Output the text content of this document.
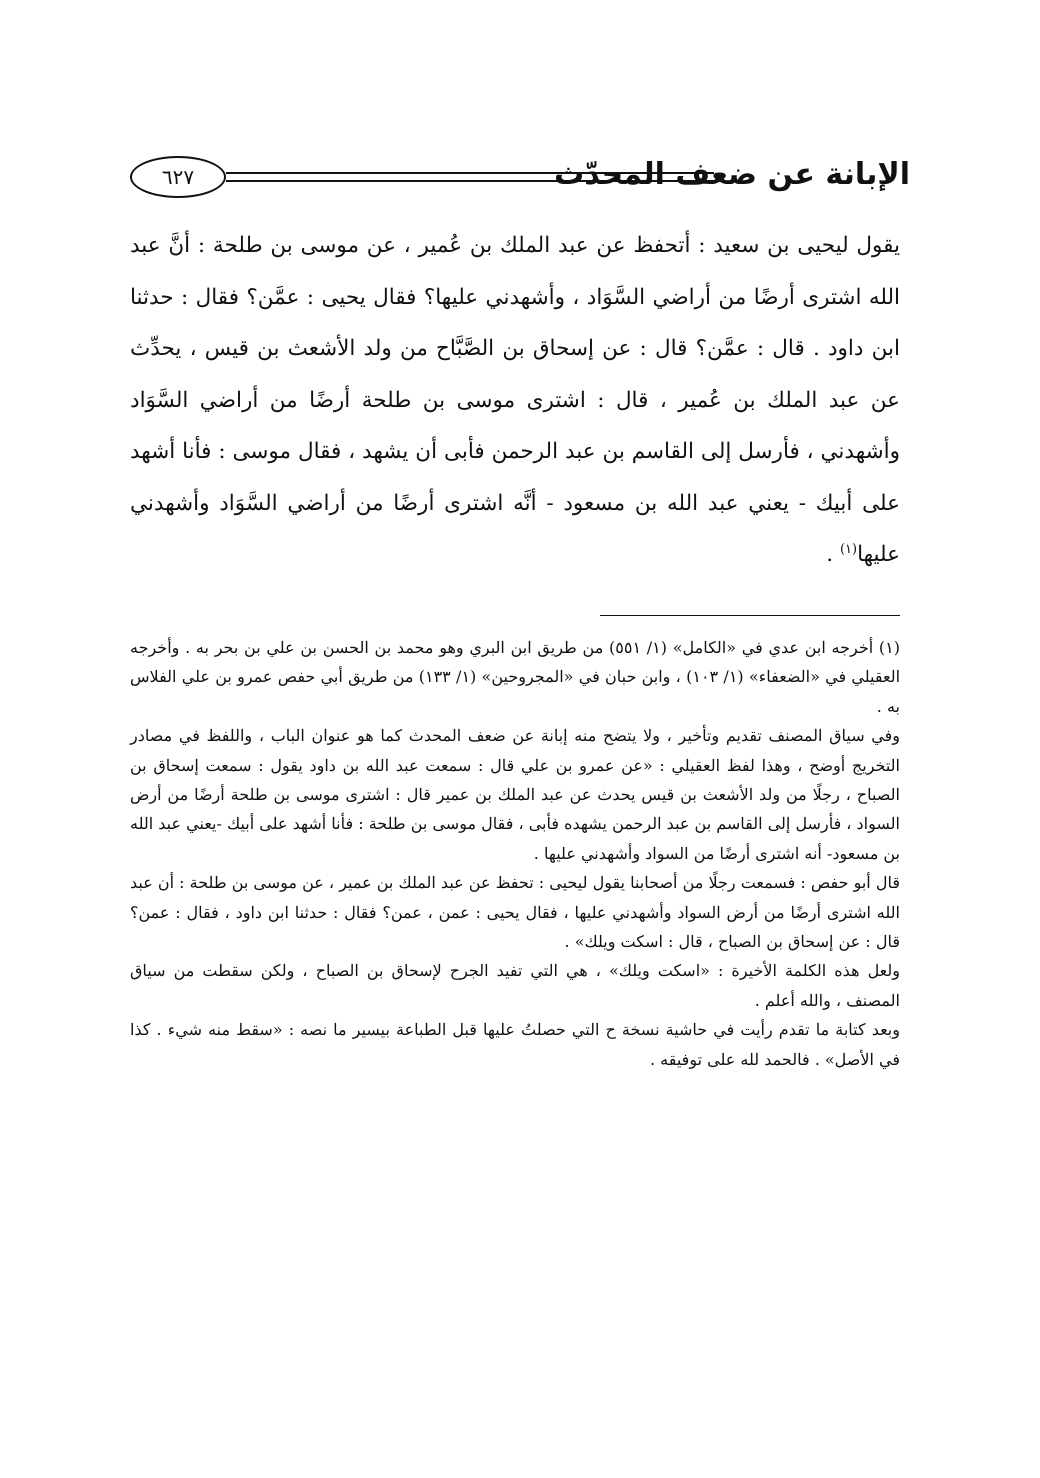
٦٢٧	الإبانة عن ضعف المحدّث

يقول ليحيى بن سعيد : أتحفظ عن عبد الملك بن عُمير ، عن موسى بن طلحة : أنَّ عبد الله اشترى أرضًا من أراضي السَّوَاد ، وأشهدني عليها؟ فقال يحيى : عمَّن؟ فقال : حدثنا ابن داود . قال : عمَّن؟ قال : عن إسحاق بن الصَّبَّاح من ولد الأشعث بن قيس ، يحدِّث عن عبد الملك بن عُمير ، قال : اشترى موسى بن طلحة أرضًا من أراضي السَّوَاد وأشهدني ، فأرسل إلى القاسم بن عبد الرحمن فأبى أن يشهد ، فقال موسى : فأنا أشهد على أبيك - يعني عبد الله بن مسعود - أنَّه اشترى أرضًا من أراضي السَّوَاد وأشهدني عليها$^{(١)}$ .

(١) أخرجه ابن عدي في «الكامل» (١/ ٥٥١) من طريق ابن البري وهو محمد بن الحسن بن علي بن بحر به . وأخرجه العقيلي في «الضعفاء» (١/ ١٠٣) ، وابن حبان في «المجروحين» (١/ ١٣٣) من طريق أبي حفص عمرو بن علي الفلاس به .

وفي سياق المصنف تقديم وتأخير ، ولا يتضح منه إبانة عن ضعف المحدث كما هو عنوان الباب ، واللفظ في مصادر التخريج أوضح ، وهذا لفظ العقيلي : «عن عمرو بن علي قال : سمعت عبد الله بن داود يقول : سمعت إسحاق بن الصباح ، رجلًا من ولد الأشعث بن قيس يحدث عن عبد الملك بن عمير قال : اشترى موسى بن طلحة أرضًا من أرض السواد ، فأرسل إلى القاسم بن عبد الرحمن يشهده فأبى ، فقال موسى بن طلحة : فأنا أشهد على أبيك -يعني عبد الله بن مسعود- أنه اشترى أرضًا من السواد وأشهدني عليها .

قال أبو حفص : فسمعت رجلًا من أصحابنا يقول ليحيى : تحفظ عن عبد الملك بن عمير ، عن موسى بن طلحة : أن عبد الله اشترى أرضًا من أرض السواد وأشهدني عليها ، فقال يحيى : عمن ، عمن؟ فقال : حدثنا ابن داود ، فقال : عمن؟ قال : عن إسحاق بن الصباح ، قال : اسكت ويلك» .

ولعل هذه الكلمة الأخيرة : «اسكت ويلك» ، هي التي تفيد الجرح لإسحاق بن الصباح ، ولكن سقطت من سياق المصنف ، والله أعلم .

وبعد كتابة ما تقدم رأيت في حاشية نسخة ح التي حصلتُ عليها قبل الطباعة بيسير ما نصه : «سقط منه شيء . كذا في الأصل» . فالحمد لله على توفيقه .
